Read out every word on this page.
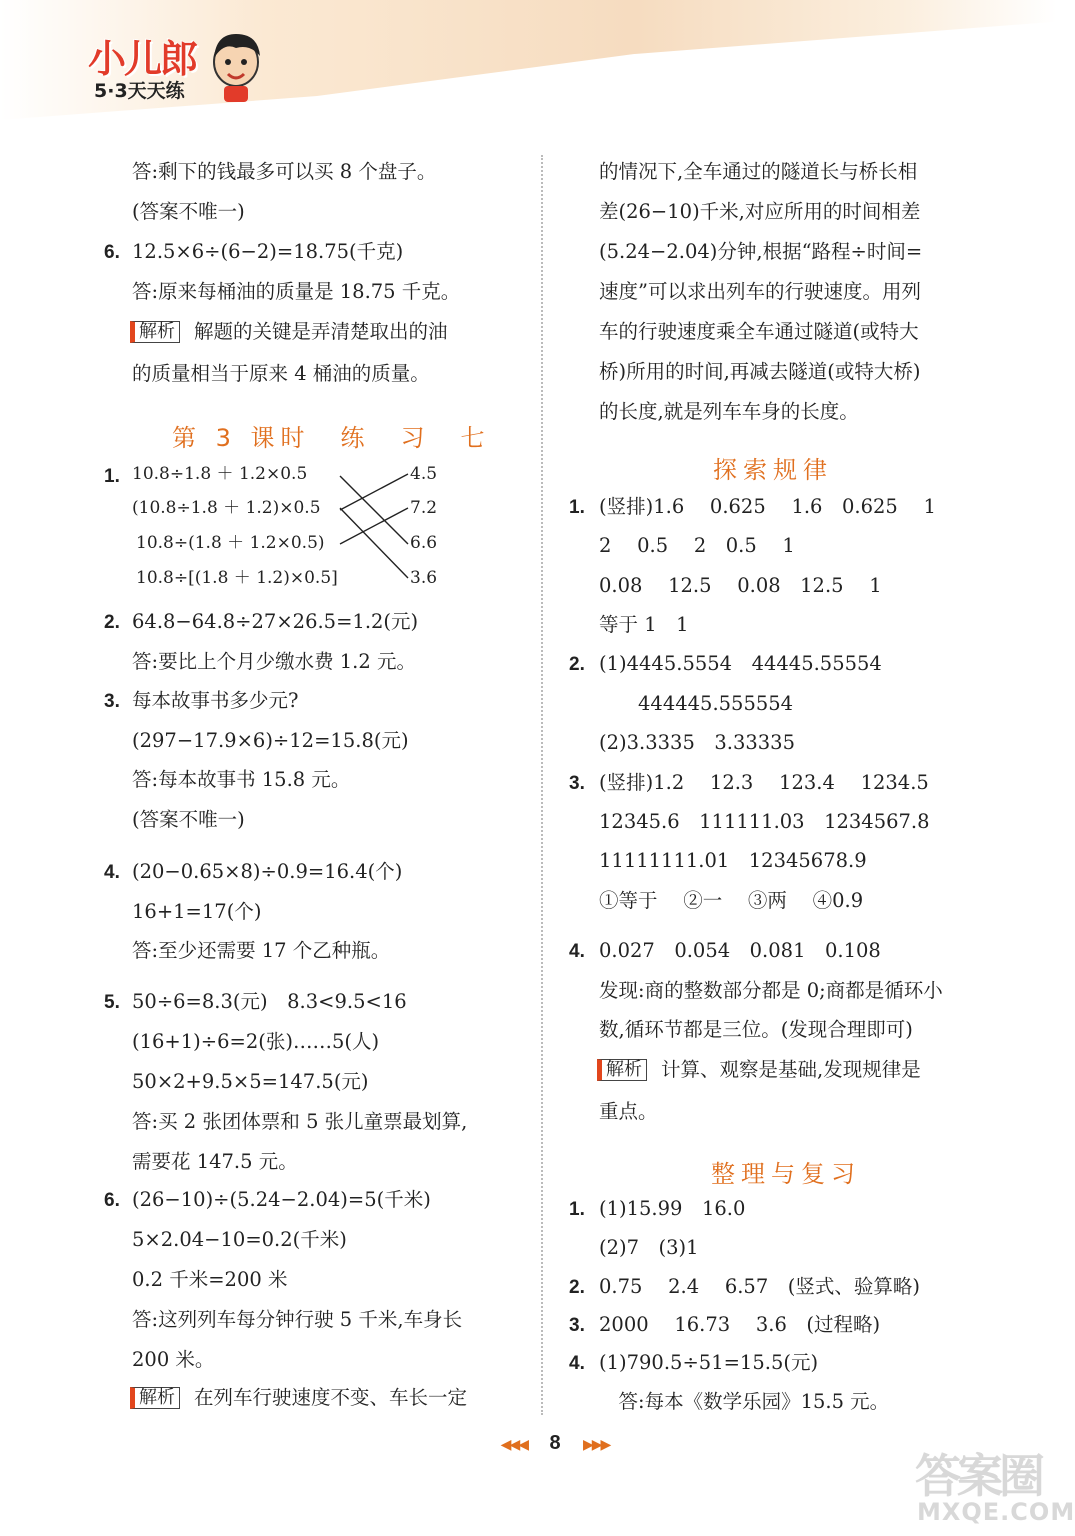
小儿郎
5·3天天练
答:剩下的钱最多可以买 8 个盘子。
(答案不唯一)
6. 12.5×6÷(6−2)=18.75(千克)
答:原来每桶油的质量是 18.75 千克。
解析 解题的关键是弄清楚取出的油
的质量相当于原来 4 桶油的质量。
第 3 课时　练　习　七
1. 10.8÷1.8 ＋ 1.2×0.5
(10.8÷1.8 ＋ 1.2)×0.5
10.8÷(1.8 ＋ 1.2×0.5)
10.8÷[(1.8 ＋ 1.2)×0.5]
4.5
7.2
6.6
3.6
2. 64.8−64.8÷27×26.5=1.2(元)
答:要比上个月少缴水费 1.2 元。
3. 每本故事书多少元?
(297−17.9×6)÷12=15.8(元)
答:每本故事书 15.8 元。
(答案不唯一)
4. (20−0.65×8)÷0.9=16.4(个)
16+1=17(个)
答:至少还需要 17 个乙种瓶。
5. 50÷6=8.3(元)　8.3<9.5<16
(16+1)÷6=2(张)……5(人)
50×2+9.5×5=147.5(元)
答:买 2 张团体票和 5 张儿童票最划算,
需要花 147.5 元。
6. (26−10)÷(5.24−2.04)=5(千米)
5×2.04−10=0.2(千米)
0.2 千米=200 米
答:这列列车每分钟行驶 5 千米,车身长
200 米。
解析 在列车行驶速度不变、车长一定
的情况下,全车通过的隧道长与桥长相
差(26−10)千米,对应所用的时间相差
(5.24−2.04)分钟,根据“路程÷时间=
速度”可以求出列车的行驶速度。用列
车的行驶速度乘全车通过隧道(或特大
桥)所用的时间,再减去隧道(或特大桥)
的长度,就是列车车身的长度。
探索规律
1. (竖排)1.6　 0.625　 1.6　0.625　 1
2　 0.5　 2　0.5　 1
0.08　 12.5　 0.08　12.5　 1
等于 1　1
2. (1)4445.5554　44445.55554
　　444445.555554
(2)3.3335　3.33335
3. (竖排)1.2　 12.3　 123.4　 1234.5
12345.6　111111.03　1234567.8
11111111.01　12345678.9
①等于　 ②一　 ③两　 ④0.9
4. 0.027　0.054　0.081　0.108
发现:商的整数部分都是 0;商都是循环小
数,循环节都是三位。(发现合理即可)
解析 计算、观察是基础,发现规律是
重点。
整理与复习
1. (1)15.99　16.0
(2)7　(3)1
2. 0.75　 2.4　 6.57　(竖式、验算略)
3. 2000　 16.73　 3.6　(过程略)
4. (1)790.5÷51=15.5(元)
　答:每本《数学乐园》15.5 元。
◀◀◀ 8 ▶▶▶
答案圈
MXQE.COM
